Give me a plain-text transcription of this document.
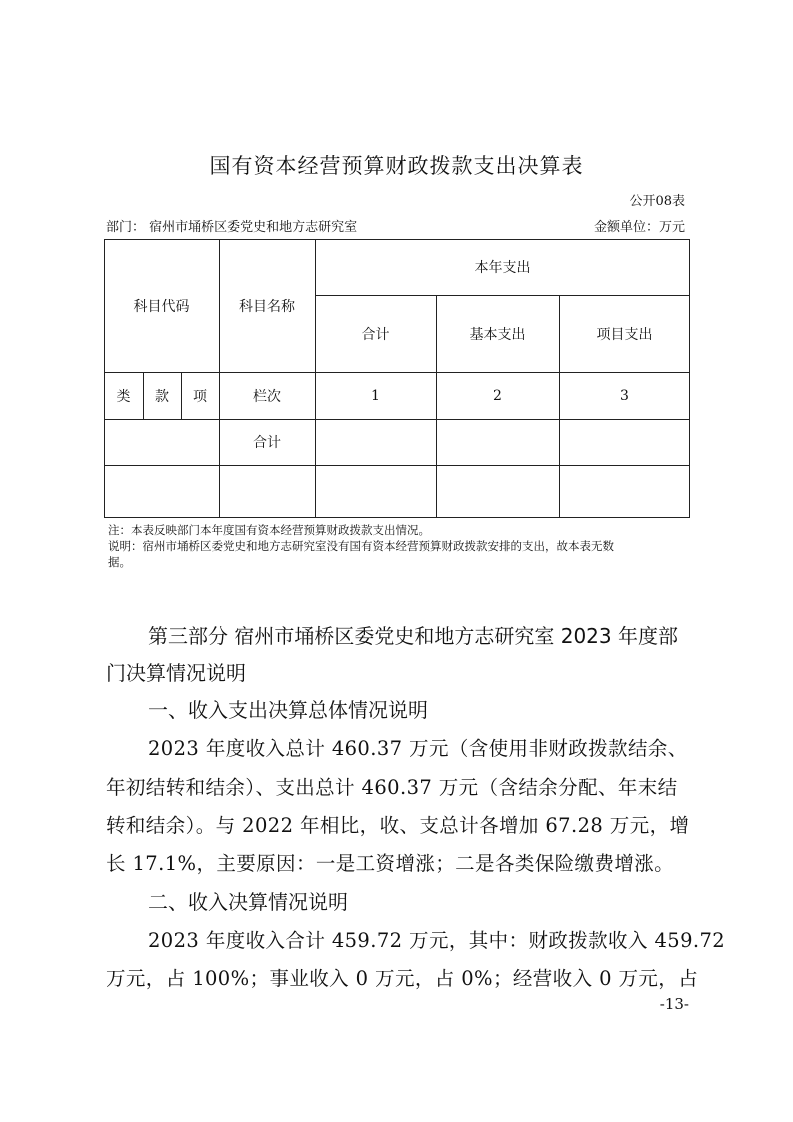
国有资本经营预算财政拨款支出决算表
公开08表
部门： 宿州市埇桥区委党史和地方志研究室	金额单位：万元
科目代码	科目名称
本年支出
合计	基本支出	项目支出
类	款	项	栏次	1	2	3
合计
注：本表反映部门本年度国有资本经营预算财政拨款支出情况。
说明：宿州市埇桥区委党史和地方志研究室没有国有资本经营预算财政拨款安排的支出，故本表无数
据。
第三部分 宿州市埇桥区委党史和地方志研究室 2023 年度部
门决算情况说明
一、收入支出决算总体情况说明
2023 年度收入总计 460.37 万元（含使用非财政拨款结余、
年初结转和结余）、支出总计 460.37 万元（含结余分配、年末结
转和结余）。与 2022 年相比，收、支总计各增加 67.28 万元，增
长 17.1%，主要原因：一是工资增涨；二是各类保险缴费增涨。
二、收入决算情况说明
2023 年度收入合计 459.72 万元，其中：财政拨款收入 459.72
万元，占 100%；事业收入 0 万元，占 0%；经营收入 0 万元，占
-13-
